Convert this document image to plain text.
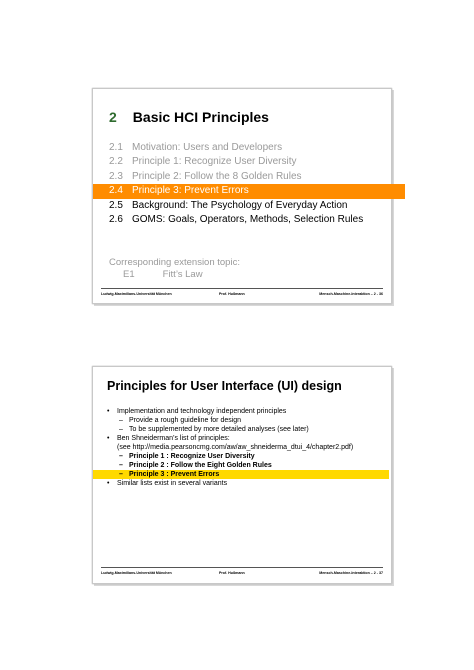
2 Basic HCI Principles
2.1 Motivation: Users and Developers
2.2 Principle 1: Recognize User Diversity
2.3 Principle 2: Follow the 8 Golden Rules
2.4 Principle 3: Prevent Errors
2.5 Background: The Psychology of Everyday Action
2.6 GOMS: Goals, Operators, Methods, Selection Rules
Corresponding extension topic:
E1	Fitt’s Law
Ludwig-Maximilians-Universität München	Prof. Hußmann	Mensch-Maschine-Interaktion – 2 - 36
Principles for User Interface (UI) design
• Implementation and technology independent principles
– Provide a rough guideline for design
– To be supplemented by more detailed analyses (see later)
• Ben Shneiderman’s list of principles:
(see http://media.pearsoncmg.com/aw/aw_shneiderma_dtui_4/chapter2.pdf)
– Principle 1 : Recognize User Diversity
– Principle 2 : Follow the Eight Golden Rules
– Principle 3 : Prevent Errors
• Similar lists exist in several variants
Ludwig-Maximilians-Universität München	Prof. Hußmann	Mensch-Maschine-Interaktion – 2 - 37
